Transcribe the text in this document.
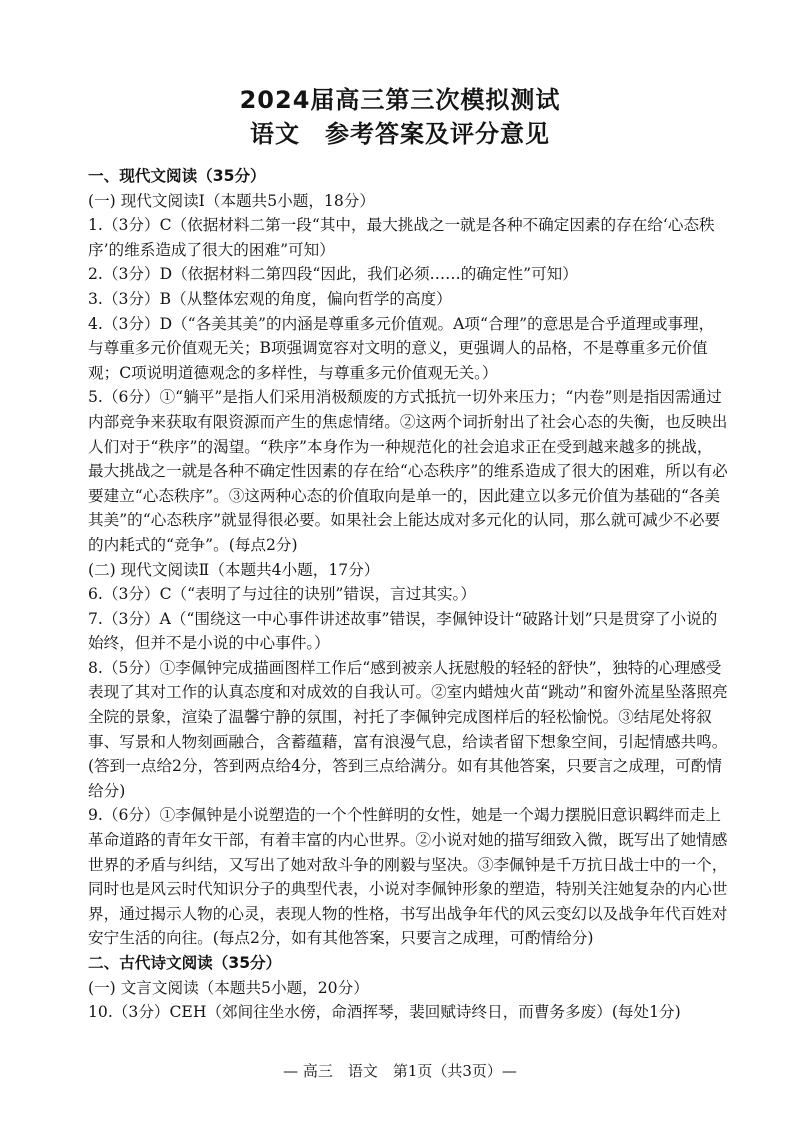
2024届高三第三次模拟测试
语文　参考答案及评分意见

一、现代文阅读（35分）

(一) 现代文阅读Ⅰ（本题共5小题，18分）

1.（3分）C（依据材料二第一段“其中，最大挑战之一就是各种不确定因素的存在给‘心态秩序’的维系造成了很大的困难”可知）

2.（3分）D（依据材料二第四段“因此，我们必须……的确定性”可知）

3.（3分）B（从整体宏观的角度，偏向哲学的高度）

4.（3分）D（“各美其美”的内涵是尊重多元价值观。A项“合理”的意思是合乎道理或事理，与尊重多元价值观无关；B项强调宽容对文明的意义，更强调人的品格，不是尊重多元价值观；C项说明道德观念的多样性，与尊重多元价值观无关。）

5.（6分）①“躺平”是指人们采用消极颓废的方式抵抗一切外来压力；“内卷”则是指因需通过内部竞争来获取有限资源而产生的焦虑情绪。②这两个词折射出了社会心态的失衡，也反映出人们对于“秩序”的渴望。“秩序”本身作为一种规范化的社会追求正在受到越来越多的挑战，最大挑战之一就是各种不确定性因素的存在给“心态秩序”的维系造成了很大的困难，所以有必要建立“心态秩序”。③这两种心态的价值取向是单一的，因此建立以多元价值为基础的“各美其美”的“心态秩序”就显得很必要。如果社会上能达成对多元化的认同，那么就可减少不必要的内耗式的“竞争”。(每点2分)

(二) 现代文阅读Ⅱ（本题共4小题，17分）

6.（3分）C（“表明了与过往的诀别”错误，言过其实。）

7.（3分）A（“围绕这一中心事件讲述故事”错误，李佩钟设计“破路计划”只是贯穿了小说的始终，但并不是小说的中心事件。）

8.（5分）①李佩钟完成描画图样工作后“感到被亲人抚慰般的轻轻的舒快”，独特的心理感受表现了其对工作的认真态度和对成效的自我认可。②室内蜡烛火苗“跳动”和窗外流星坠落照亮全院的景象，渲染了温馨宁静的氛围，衬托了李佩钟完成图样后的轻松愉悦。③结尾处将叙事、写景和人物刻画融合，含蓄蕴藉，富有浪漫气息，给读者留下想象空间，引起情感共鸣。(答到一点给2分，答到两点给4分，答到三点给满分。如有其他答案，只要言之成理，可酌情给分)

9.（6分）①李佩钟是小说塑造的一个个性鲜明的女性，她是一个竭力摆脱旧意识羁绊而走上革命道路的青年女干部，有着丰富的内心世界。②小说对她的描写细致入微，既写出了她情感世界的矛盾与纠结，又写出了她对敌斗争的刚毅与坚决。③李佩钟是千万抗日战士中的一个，同时也是风云时代知识分子的典型代表，小说对李佩钟形象的塑造，特别关注她复杂的内心世界，通过揭示人物的心灵，表现人物的性格，书写出战争年代的风云变幻以及战争年代百姓对安宁生活的向往。(每点2分，如有其他答案，只要言之成理，可酌情给分)

二、古代诗文阅读（35分）

(一) 文言文阅读（本题共5小题，20分）

10.（3分）CEH（郊间往坐水傍，命酒挥琴，裴回赋诗终日，而曹务多废）(每处1分)

— 高三　语文　第1页（共3页）—
